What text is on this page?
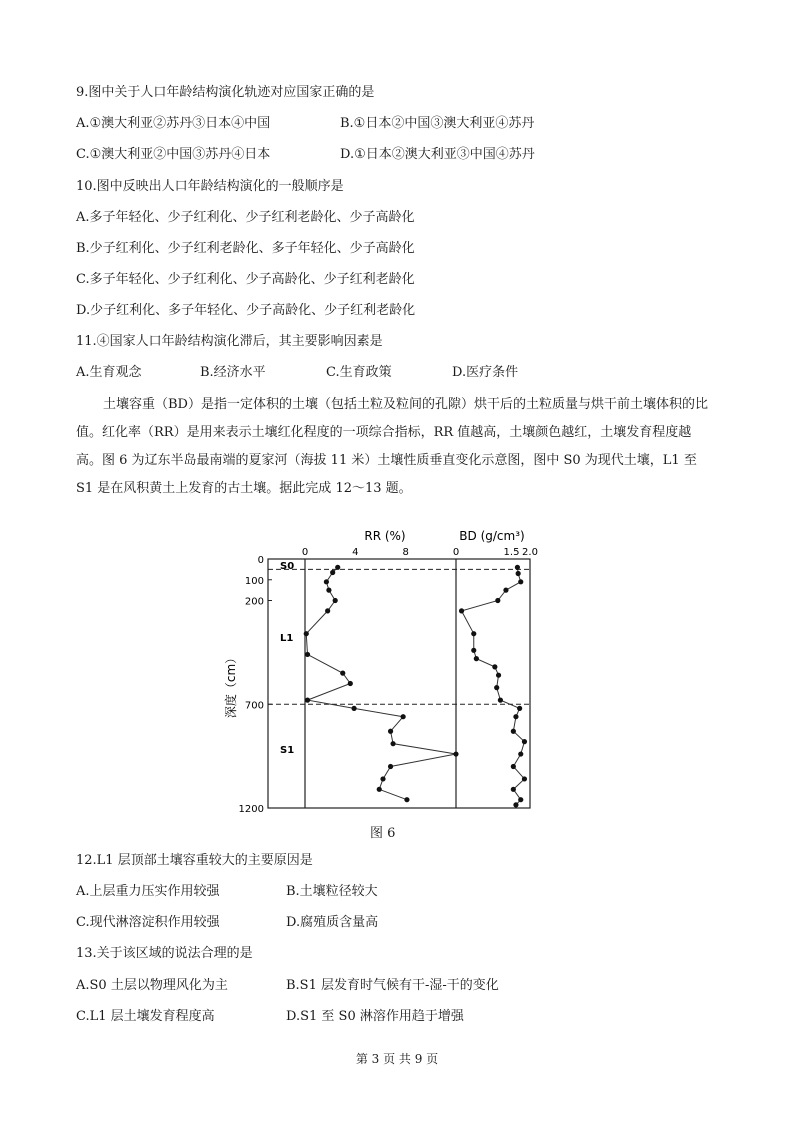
9.图中关于人口年龄结构演化轨迹对应国家正确的是
A.①澳大利亚②苏丹③日本④中国	B.①日本②中国③澳大利亚④苏丹
C.①澳大利亚②中国③苏丹④日本	D.①日本②澳大利亚③中国④苏丹
10.图中反映出人口年龄结构演化的一般顺序是
A.多子年轻化、少子红利化、少子红利老龄化、少子高龄化
B.少子红利化、少子红利老龄化、多子年轻化、少子高龄化
C.多子年轻化、少子红利化、少子高龄化、少子红利老龄化
D.少子红利化、多子年轻化、少子高龄化、少子红利老龄化
11.④国家人口年龄结构演化滞后，其主要影响因素是
A.生育观念	B.经济水平	C.生育政策	D.医疗条件
土壤容重（BD）是指一定体积的土壤（包括土粒及粒间的孔隙）烘干后的土粒质量与烘干前土壤体积的比值。红化率（RR）是用来表示土壤红化程度的一项综合指标，RR 值越高，土壤颜色越红，土壤发育程度越高。图 6 为辽东半岛最南端的夏家河（海拔 11 米）土壤性质垂直变化示意图，图中 S0 为现代土壤，L1 至 S1 是在风积黄土上发育的古土壤。据此完成 12～13 题。
RR (%)	BD (g/cm³)
0	4	8	0	1.5 2.0
0
100
200
700
1200
S0
L1
S1
深度（cm）
图 6
12.L1 层顶部土壤容重较大的主要原因是
A.上层重力压实作用较强	B.土壤粒径较大
C.现代淋溶淀积作用较强	D.腐殖质含量高
13.关于该区域的说法合理的是
A.S0 土层以物理风化为主	B.S1 层发育时气候有干-湿-干的变化
C.L1 层土壤发育程度高	D.S1 至 S0 淋溶作用趋于增强
第 3 页 共 9 页
